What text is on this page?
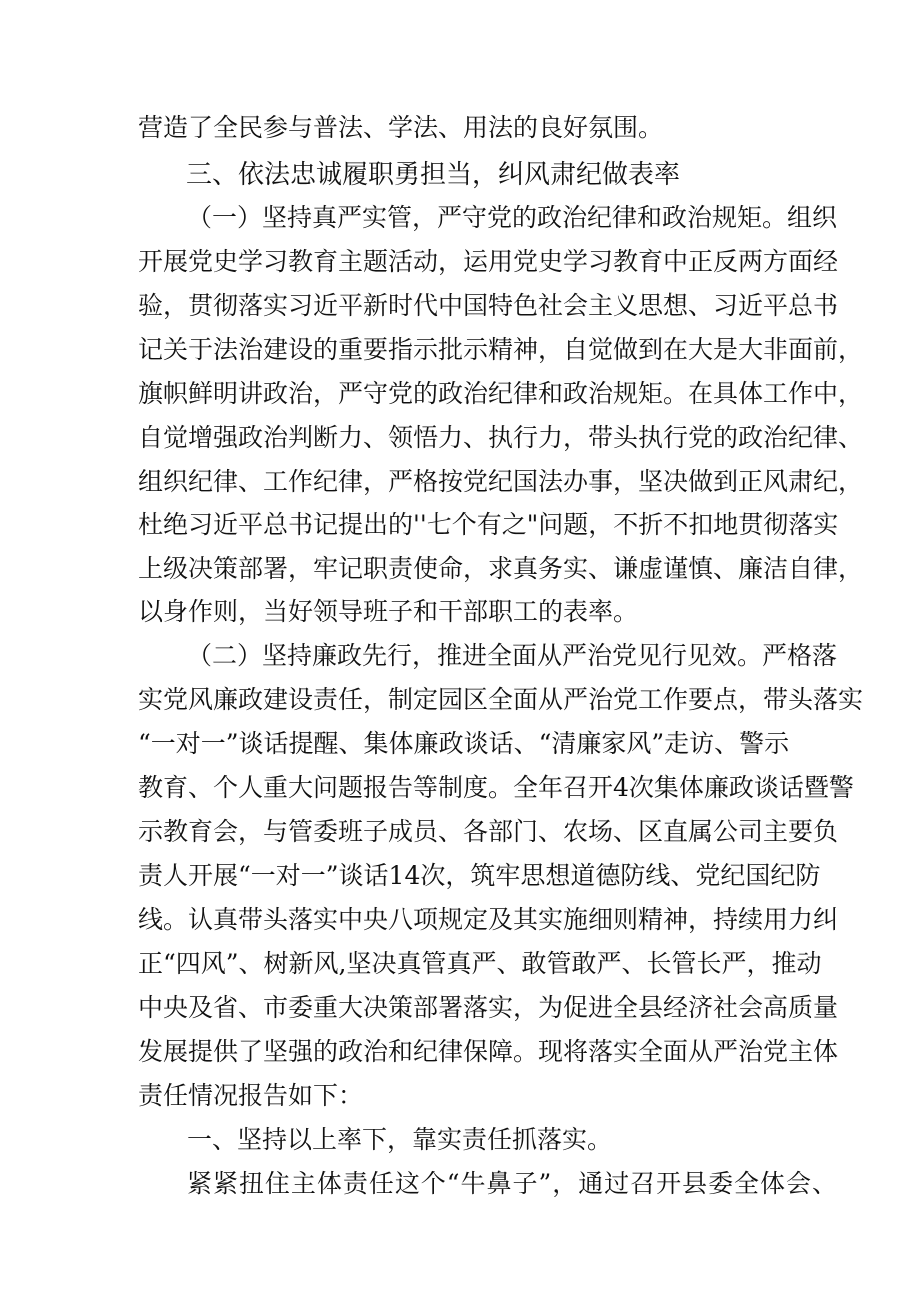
营造了全民参与普法、学法、用法的良好氛围。
三、依法忠诚履职勇担当，纠风肃纪做表率
（一）坚持真严实管，严守党的政治纪律和政治规矩。组织
开展党史学习教育主题活动，运用党史学习教育中正反两方面经
验，贯彻落实习近平新时代中国特色社会主义思想、习近平总书
记关于法治建设的重要指示批示精神，自觉做到在大是大非面前，
旗帜鲜明讲政治，严守党的政治纪律和政治规矩。在具体工作中，
自觉增强政治判断力、领悟力、执行力，带头执行党的政治纪律、
组织纪律、工作纪律，严格按党纪国法办事，坚决做到正风肃纪，
杜绝习近平总书记提出的''七个有之"问题，不折不扣地贯彻落实
上级决策部署，牢记职责使命，求真务实、谦虚谨慎、廉洁自律，
以身作则，当好领导班子和干部职工的表率。
（二）坚持廉政先行，推进全面从严治党见行见效。严格落
实党风廉政建设责任，制定园区全面从严治党工作要点，带头落实
“一对一”谈话提醒、集体廉政谈话、“清廉家风”走访、警示
教育、个人重大问题报告等制度。全年召开4次集体廉政谈话暨警
示教育会，与管委班子成员、各部门、农场、区直属公司主要负
责人开展“一对一”谈话14次，筑牢思想道德防线、党纪国纪防
线。认真带头落实中央八项规定及其实施细则精神，持续用力纠
正“四风”、树新风,坚决真管真严、敢管敢严、长管长严，推动
中央及省、市委重大决策部署落实，为促进全县经济社会高质量
发展提供了坚强的政治和纪律保障。现将落实全面从严治党主体
责任情况报告如下：
一、坚持以上率下，靠实责任抓落实。
紧紧扭住主体责任这个“牛鼻子”，通过召开县委全体会、
